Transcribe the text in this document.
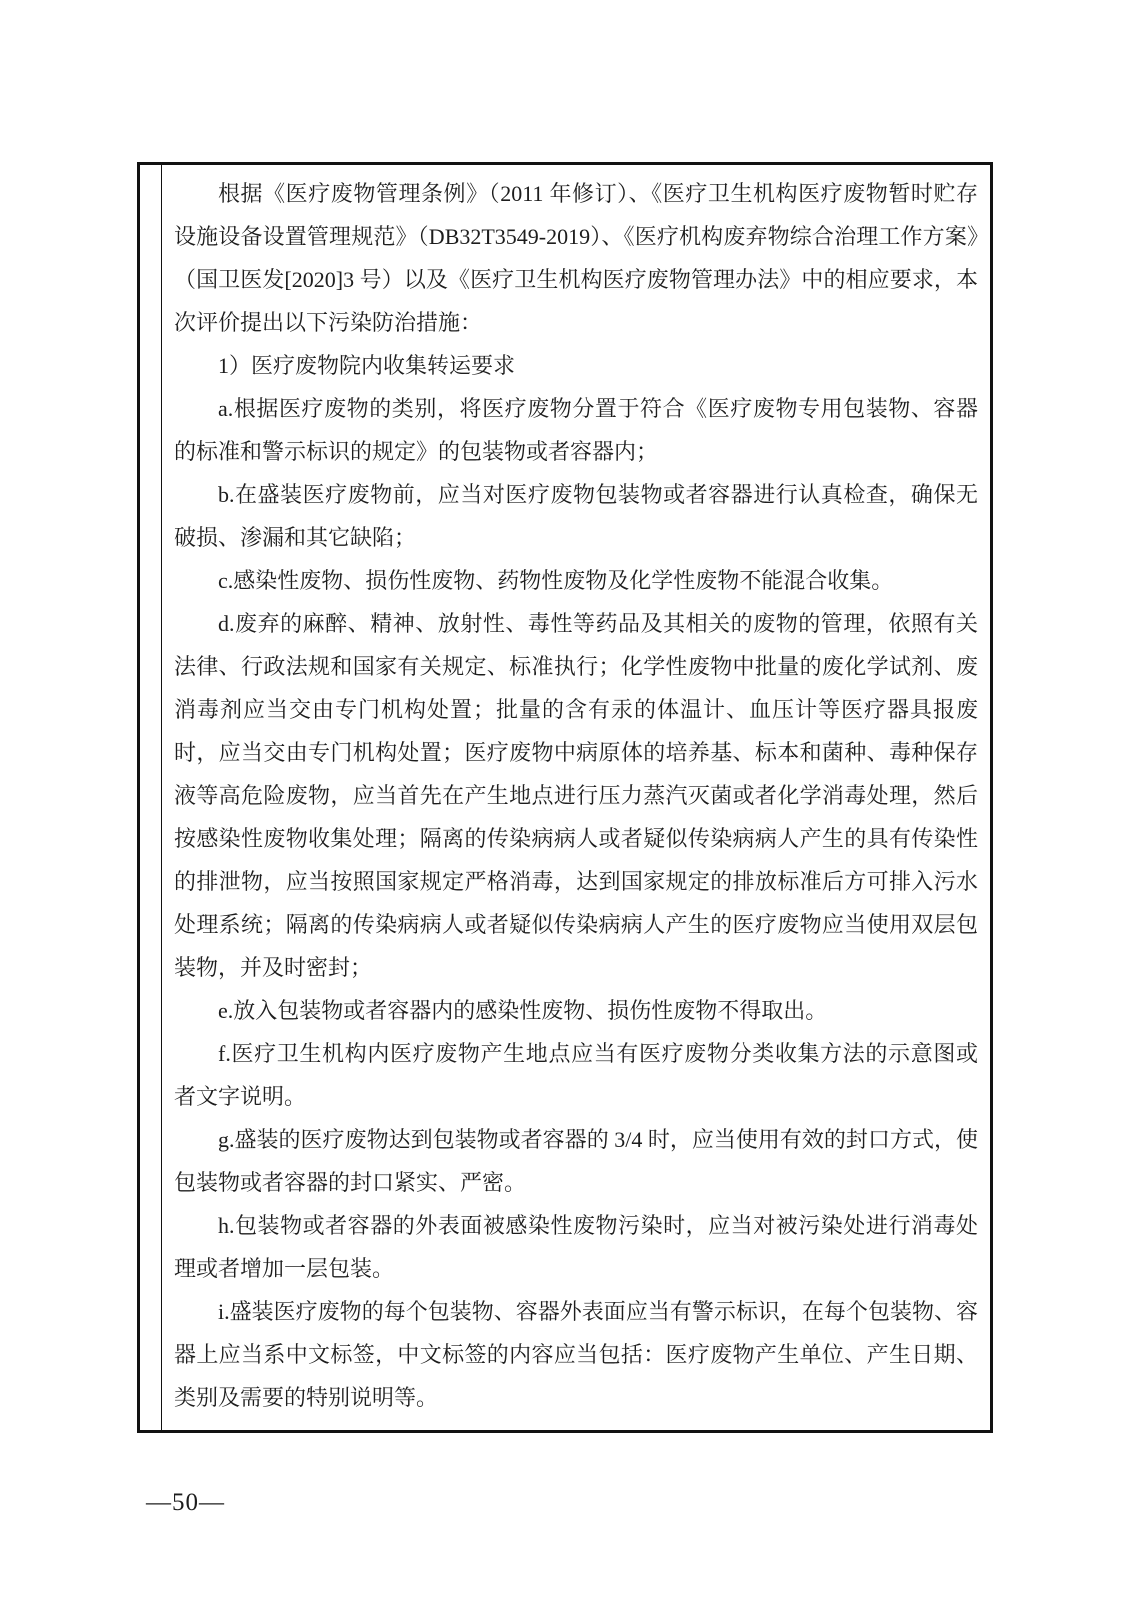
根据《医疗废物管理条例》（2011 年修订）、《医疗卫生机构医疗废物暂时贮存设施设备设置管理规范》（DB32T3549-2019）、《医疗机构废弃物综合治理工作方案》（国卫医发[2020]3 号）以及《医疗卫生机构医疗废物管理办法》中的相应要求，本次评价提出以下污染防治措施：

1）医疗废物院内收集转运要求

a.根据医疗废物的类别，将医疗废物分置于符合《医疗废物专用包装物、容器的标准和警示标识的规定》的包装物或者容器内；

b.在盛装医疗废物前，应当对医疗废物包装物或者容器进行认真检查，确保无破损、渗漏和其它缺陷；

c.感染性废物、损伤性废物、药物性废物及化学性废物不能混合收集。

d.废弃的麻醉、精神、放射性、毒性等药品及其相关的废物的管理，依照有关法律、行政法规和国家有关规定、标准执行；化学性废物中批量的废化学试剂、废消毒剂应当交由专门机构处置；批量的含有汞的体温计、血压计等医疗器具报废时，应当交由专门机构处置；医疗废物中病原体的培养基、标本和菌种、毒种保存液等高危险废物，应当首先在产生地点进行压力蒸汽灭菌或者化学消毒处理，然后按感染性废物收集处理；隔离的传染病病人或者疑似传染病病人产生的具有传染性的排泄物，应当按照国家规定严格消毒，达到国家规定的排放标准后方可排入污水处理系统；隔离的传染病病人或者疑似传染病病人产生的医疗废物应当使用双层包装物，并及时密封；

e.放入包装物或者容器内的感染性废物、损伤性废物不得取出。

f.医疗卫生机构内医疗废物产生地点应当有医疗废物分类收集方法的示意图或者文字说明。

g.盛装的医疗废物达到包装物或者容器的 3/4 时，应当使用有效的封口方式，使包装物或者容器的封口紧实、严密。

h.包装物或者容器的外表面被感染性废物污染时，应当对被污染处进行消毒处理或者增加一层包装。

i.盛装医疗废物的每个包装物、容器外表面应当有警示标识，在每个包装物、容器上应当系中文标签，中文标签的内容应当包括：医疗废物产生单位、产生日期、类别及需要的特别说明等。

—50—
